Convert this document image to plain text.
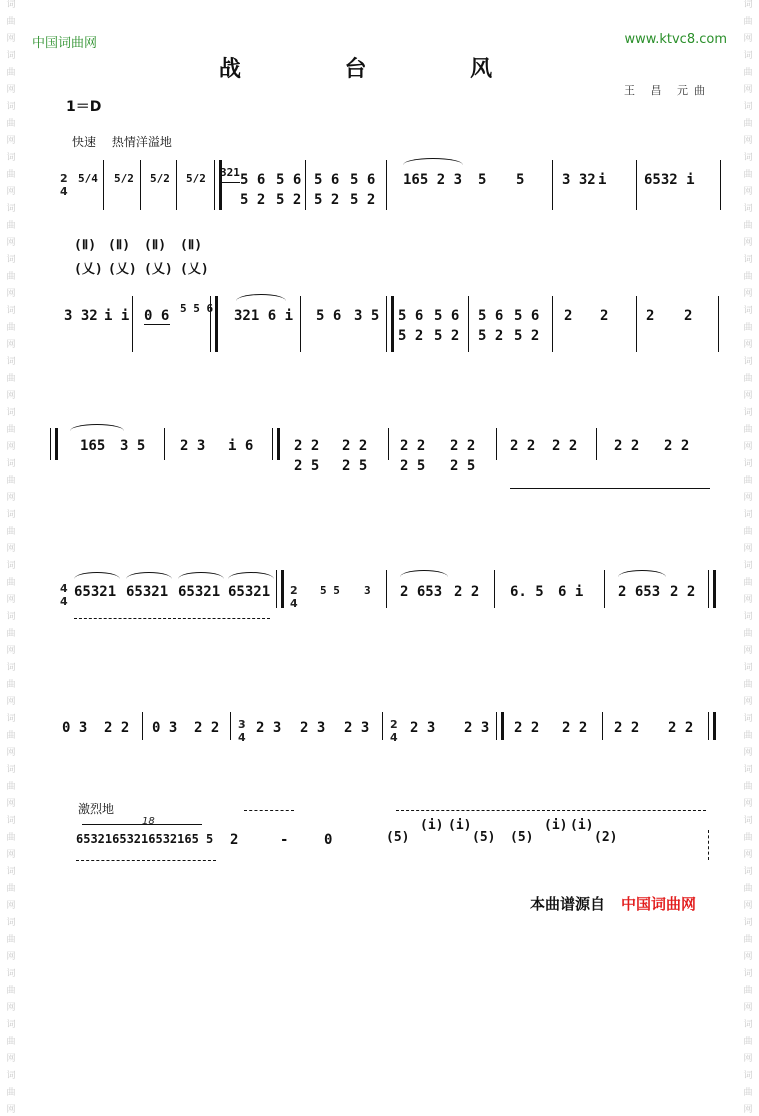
词
曲
网
词
曲
网
词
曲
网
词
曲
网
词
曲
网
词
曲
网
词
曲
网
词
曲
网
词
曲
网
词
曲
网
词
曲
网
词
曲
网
词
曲
网
词
曲
网
词
曲
网
词
曲
网
词
曲
网
词
曲
网
词
曲
网
词
曲
网
词
曲
网
词
曲
网
词
曲
网
词
曲
网
词
曲
网
词
曲
网
词
曲
网
词
曲
网
词
曲
网
词
曲
网
词
曲
网
词
曲
网
词
曲
网
词
曲
网
词
曲
网
词
曲
网
词
曲
网
词
曲
网
词
曲
网
词
曲
网
词
曲
网
词
曲
网
词
曲
网
词
曲
网
中国词曲网	www.ktvc8.com
战 台 风
王 昌 元曲
1＝D
快速 热情洋溢地
2
4
5/4 5/2 5/2 5/2
(Ⅱ) (Ⅱ) (Ⅱ) (Ⅱ)
(乂) (乂) (乂) (乂)
321 5 6
5 2
5 6
5 2
5 6
5 2
5 6
5 2
165 2 3 5 5	3 32 i	6532 i
3 32 i i 0 6 5 5 6 321 6 i 5 6 3 5 5 6 5 6
5 2 5 2
5 6 5 6
5 2 5 2
2 2	2 2
165 3 5 2 3 i 6	2 2 2 2
2 5 2 5
2 2 2 2
2 5 2 5
2 2 2 2	2 2 2 2
4
4
65321 65321 65321 65321 2
4
5 5 3 2 653 2 2 6. 5 6 i 2 653 2 2
0 3 2 2 0 3 2 2 3
4
2 3 2 3 2 3 2
4
2 3 2 3 2 2 2 2 2 2 2 2
激烈地
18
65321653216532165 5 2	-	0	(5)
(i) (i)
(5) (5)
(i) (i)
(2)
本曲谱源自 中国词曲网
